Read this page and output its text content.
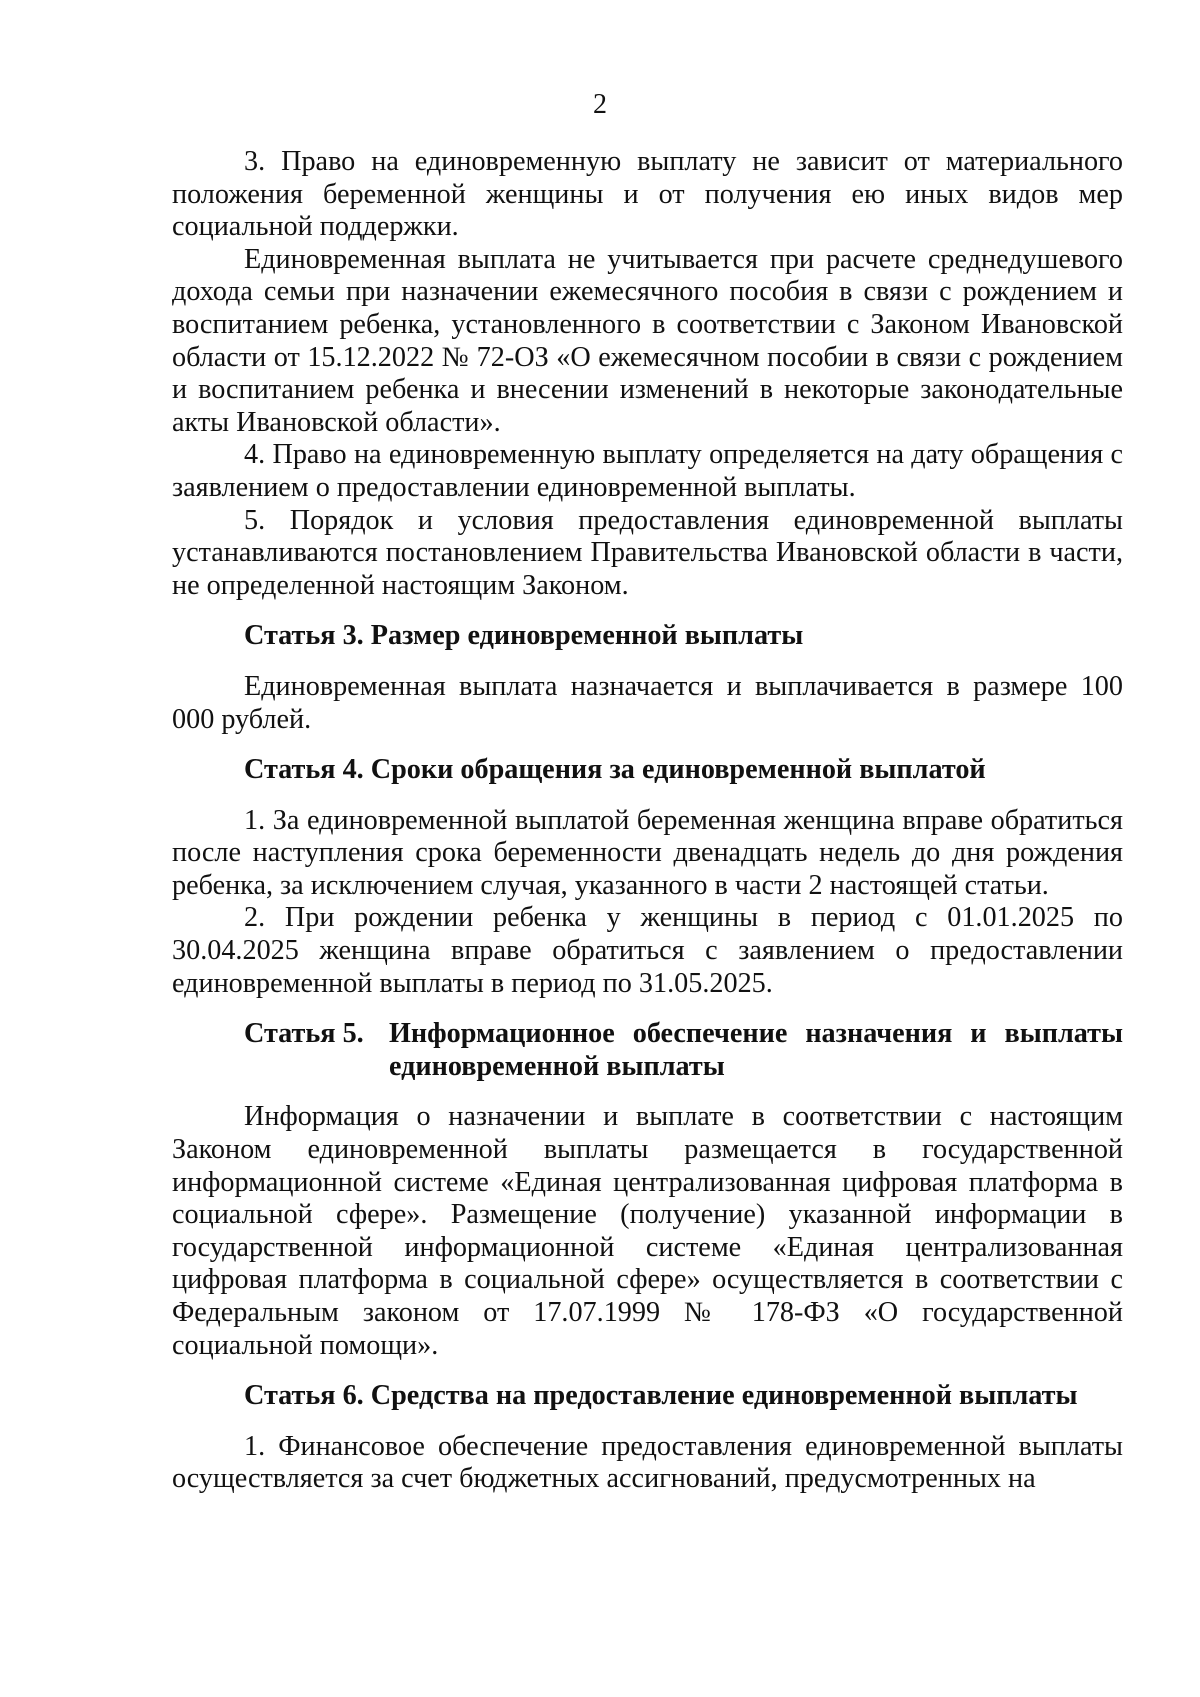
2

3. Право на единовременную выплату не зависит от материального положения беременной женщины и от получения ею иных видов мер социальной поддержки.

Единовременная выплата не учитывается при расчете среднедушевого дохода семьи при назначении ежемесячного пособия в связи с рождением и воспитанием ребенка, установленного в соответствии с Законом Ивановской области от 15.12.2022 № 72-ОЗ «О ежемесячном пособии в связи с рождением и воспитанием ребенка и внесении изменений в некоторые законодательные акты Ивановской области».

4. Право на единовременную выплату определяется на дату обращения с заявлением о предоставлении единовременной выплаты.

5. Порядок и условия предоставления единовременной выплаты устанавливаются постановлением Правительства Ивановской области в части, не определенной настоящим Законом.

Статья 3. Размер единовременной выплаты

Единовременная выплата назначается и выплачивается в размере 100 000 рублей.

Статья 4. Сроки обращения за единовременной выплатой

1. За единовременной выплатой беременная женщина вправе обратиться после наступления срока беременности двенадцать недель до дня рождения ребенка, за исключением случая, указанного в части 2 настоящей статьи.

2. При рождении ребенка у женщины в период с 01.01.2025 по 30.04.2025 женщина вправе обратиться с заявлением о предоставлении единовременной выплаты в период по 31.05.2025.

Статья 5. Информационное обеспечение назначения и выплаты единовременной выплаты

Информация о назначении и выплате в соответствии с настоящим Законом единовременной выплаты размещается в государственной информационной системе «Единая централизованная цифровая платформа в социальной сфере». Размещение (получение) указанной информации в государственной информационной системе «Единая централизованная цифровая платформа в социальной сфере» осуществляется в соответствии с Федеральным законом от 17.07.1999 № 178-ФЗ «О государственной социальной помощи».

Статья 6. Средства на предоставление единовременной выплаты

1. Финансовое обеспечение предоставления единовременной выплаты осуществляется за счет бюджетных ассигнований, предусмотренных на
